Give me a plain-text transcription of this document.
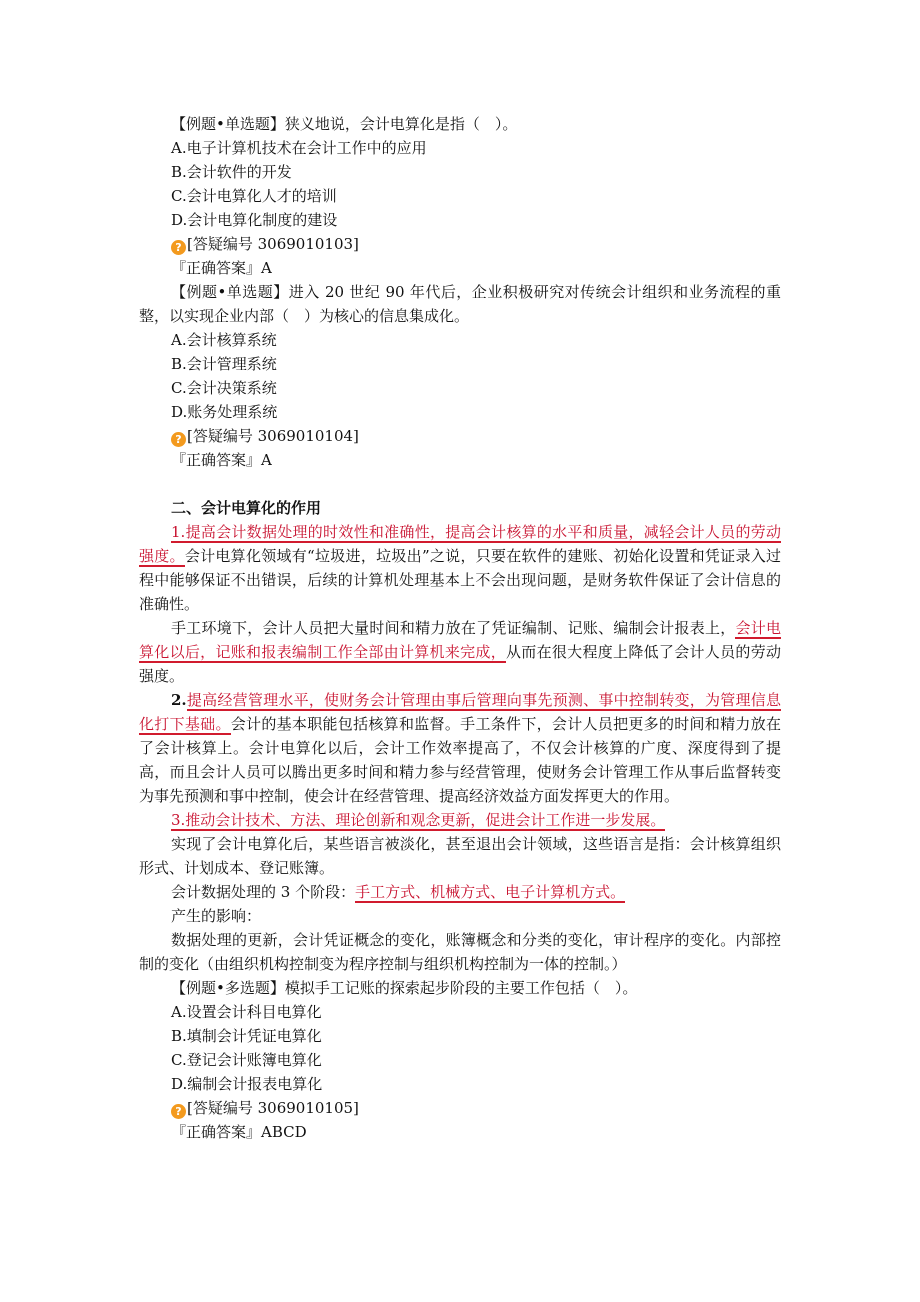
【例题•单选题】狭义地说，会计电算化是指（　）。
A.电子计算机技术在会计工作中的应用
B.会计软件的开发
C.会计电算化人才的培训
D.会计电算化制度的建设
? [答疑编号 3069010103]
『正确答案』A
【例题•单选题】进入 20 世纪 90 年代后，企业积极研究对传统会计组织和业务流程的重整，以实现企业内部（　）为核心的信息集成化。
A.会计核算系统
B.会计管理系统
C.会计决策系统
D.账务处理系统
? [答疑编号 3069010104]
『正确答案』A
二、会计电算化的作用
1.提高会计数据处理的时效性和准确性，提高会计核算的水平和质量，减轻会计人员的劳动强度。会计电算化领域有“垃圾进，垃圾出”之说，只要在软件的建账、初始化设置和凭证录入过程中能够保证不出错误，后续的计算机处理基本上不会出现问题，是财务软件保证了会计信息的准确性。
手工环境下，会计人员把大量时间和精力放在了凭证编制、记账、编制会计报表上，会计电算化以后，记账和报表编制工作全部由计算机来完成，从而在很大程度上降低了会计人员的劳动强度。
2.提高经营管理水平，使财务会计管理由事后管理向事先预测、事中控制转变，为管理信息化打下基础。会计的基本职能包括核算和监督。手工条件下，会计人员把更多的时间和精力放在了会计核算上。会计电算化以后，会计工作效率提高了，不仅会计核算的广度、深度得到了提高，而且会计人员可以腾出更多时间和精力参与经营管理，使财务会计管理工作从事后监督转变为事先预测和事中控制，使会计在经营管理、提高经济效益方面发挥更大的作用。
3.推动会计技术、方法、理论创新和观念更新，促进会计工作进一步发展。
实现了会计电算化后，某些语言被淡化，甚至退出会计领域，这些语言是指：会计核算组织形式、计划成本、登记账簿。
会计数据处理的 3 个阶段：手工方式、机械方式、电子计算机方式。
产生的影响：
数据处理的更新，会计凭证概念的变化，账簿概念和分类的变化，审计程序的变化。内部控制的变化（由组织机构控制变为程序控制与组织机构控制为一体的控制。）
【例题•多选题】模拟手工记账的探索起步阶段的主要工作包括（　）。
A.设置会计科目电算化
B.填制会计凭证电算化
C.登记会计账簿电算化
D.编制会计报表电算化
? [答疑编号 3069010105]
『正确答案』ABCD
